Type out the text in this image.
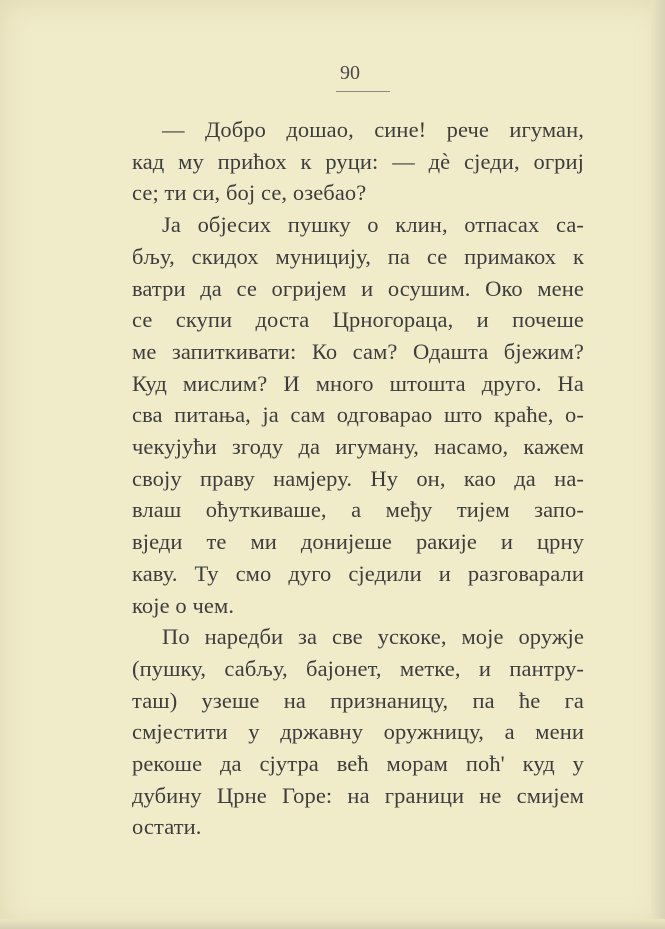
90
— Добро дошао, сине! рече игуман,
кад му прићох к руци: — дè сједи, огриј
се; ти си, бој се, озебао?
Ја објесих пушку о клин, отпасах са-
бљу, скидох муницију, па се примакох к
ватри да се огријем и осушим. Око мене
се скупи доста Црногораца, и почеше
ме запиткивати: Ко сам? Одашта бјежим?
Куд мислим? И много штошта друго. На
сва питања, ја сам одговарао што краће, о-
чекујући згоду да игуману, насамо, кажем
своју праву намјеру. Ну он, као да на-
влаш оћуткиваше, а међу тијем запо-
вједи те ми донијеше ракије и црну
каву. Ту смо дуго сједили и разговарали
које о чем.
По наредби за све ускоке, моје оружје
(пушку, сабљу, бајонет, метке, и пантру-
таш) узеше на признаницу, па ће га
смјестити у државну оружницу, а мени
рекоше да сјутра већ морам поћ' куд у
дубину Црне Горе: на граници не смијем
остати.
